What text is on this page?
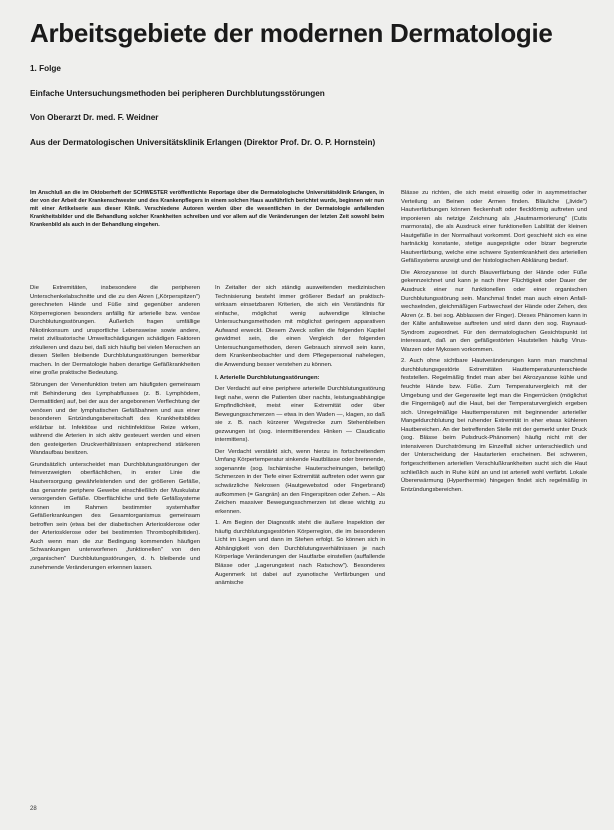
Arbeitsgebiete der modernen Dermatologie
1. Folge
Einfache Untersuchungsmethoden bei peripheren Durchblutungsstörungen
Von Oberarzt Dr. med. F. Weidner
Aus der Dermatologischen Universitätsklinik Erlangen (Direktor Prof. Dr. O. P. Hornstein)

Im Anschluß an die im Oktoberheft der SCHWESTER veröffentlichte Reportage über die Dermatologische Universitätsklinik Erlangen, in der von der Arbeit der Krankenschwester und des Krankenpflegers in einem solchen Haus ausführlich berichtet wurde, beginnen wir nun mit einer Artikelserie aus dieser Klinik. Verschiedene Autoren werden über die wesentlichen in der Dermatologie anfallenden Krankheitsbilder und die Behandlung solcher Krankheiten schreiben und vor allem auf die Veränderungen der letzten Zeit sowohl beim Krankenbild als auch in der Behandlung eingehen.

Die Extremitäten, insbesondere die peripheren Unterschenkelabschnitte und die zu den Akren („Körperspitzen") gerechneten Hände und Füße sind gegenüber anderen Körperregionen besonders anfällig für arterielle bzw. venöse Durchblutungsstörungen. Äußerlich fragen umfällige Nikotinkonsum und unsportliche Lebensweise sowie andere, meist zivilisatorische Umweltschädigungen schädigen Faktoren zirkulieren und dazu bei, daß sich häufig bei vielen Menschen an diesen Stellen bleibende Durchblutungsstörungen bemerkbar machen. In der Dermatologie haben derartige Gefäßkrankheiten eine große praktische Bedeutung.

Störungen der Venenfunktion treten am häufigsten gemeinsam mit Behinderung des Lymphabflusses (z. B. Lymphödem, Dermatitiden) auf, bei der aus der angeborenen Verflechtung der venösen und der lymphatischen Gefäßbahnen und aus einer besonderen Entzündungsbereitschaft des Krankheitsbildes erklärbar ist. Infektiöse und nichtinfektiöse Reize wirken, während die Arterien in sich aktiv gesteuert werden und einen den gesteigerten Druckverhältnissen entsprechend stärkeren Wandaufbau besitzen.

Grundsätzlich unterscheidet man Durchblutungsstörungen der feinverzweigten oberflächlichen, in erster Linie die Hautversorgung gewährleistenden und der größeren Gefäße, das genannte periphere Gewebe einschließlich der Muskulatur versorgenden Gefäße. Oberflächliche und tiefe Gefäßsysteme können im Rahmen bestimmter systemhafter Gefäßerkrankungen des Gesamtorganismus gemeinsam betroffen sein (etwa bei der diabetischen Arteriosklerose oder der Arteriosklerose oder bei bestimmten Thrombophilbitiden). Auch wenn man die zur Bedingung kommenden häufigen Schwankungen unterworfenen „funktionellen" von den „organischen" Durchblutungsstörungen, d. h. bleibende und zunehmende Veränderungen erkennen lassen.

In Zeitalter der sich ständig ausweitenden medizinischen Technisierung besteht immer größerer Bedarf an praktisch-wirksam einsetzbaren Kriterien, die sich ein Verständnis für einfache, möglichst wenig aufwendige klinische Untersuchungsmethoden mit möglichst geringem apparativen Aufwand erweckt. Diesem Zweck sollen die folgenden Kapitel gewidmet sein, die einen Vergleich der folgenden Untersuchungsmethoden, deren Gebrauch sinnvoll sein kann, dem Krankenbeobachter und dem Pflegepersonal nahelegen, die Anwendung besser verstehen zu können.

I. Arterielle Durchblutungsstörungen:

Der Verdacht auf eine periphere arterielle Durchblutungsstörung liegt nahe, wenn die Patienten über nachts, leistungsabhängige Empfindlichkeit, meist einer Extremität oder über Bewegungsschmerzen — etwa in den Waden —, klagen, so daß sie z. B. nach kürzerer Wegstrecke zum Stehenbleiben gezwungen ist (sog. intermittierendes Hinken — Claudicatio intermittens).

Der Verdacht verstärkt sich, wenn hierzu in fortschreitendem Umfang Körpertemperatur sinkende Hautblässe oder brennende, sogenannte (sog. Ischämische Hauterscheinungen, beteiligt) Schmerzen in der Tiefe einer Extremität auftreten oder wenn gar schwärzliche Nekrosen (Hautgewebstod oder Fingerbrand) aufkommen (= Gangrän) an den Fingerspitzen oder Zehen. – Als Zeichen massiver Bewegungsschmerzen ist diese wichtig zu erkennen.

1. Am Beginn der Diagnostik steht die äußere Inspektion der häufig durchblutungsgestörten Körperregion, die im besonderen Licht im Liegen und dann im Stehen erfolgt. So können sich in Abhängigkeit von den Durchblutungsverhältnissen je nach Körperlage Veränderungen der Hautfarbe einstellen (auffallende Blässe oder „Lagerungstest nach Ratschow"). Besonderes Augenmerk ist dabei auf zyanotische Verfärbungen und anämische

Blässe zu richten, die sich meist einseitig oder in asymmetrischer Verteilung an Beinen oder Armen finden. Bläuliche („livide") Hautverfärbungen können fleckenhaft oder fleckförmig auftreten und imponieren als netzige Zeichnung als „Hautmarmorierung" (Cutis marmorata), die als Ausdruck einer funktionellen Labilität der kleinen Hautgefäße in der Normalhaut vorkommt. Dort geschieht sich es eine hartnäckig konstante, stetige ausgeprägte oder bizarr begrenzte Hautverfärbung, welche eine schwere Systemkrankheit des arteriellen Gefäßsystems anzeigt und der histologischen Abklärung bedarf.

Die Akrozyanose ist durch Blauverfärbung der Hände oder Füße gekennzeichnet und kann je nach ihrer Flüchtigkeit oder Dauer der Ausdruck einer nur funktionellen oder einer organischen Durchblutungsstörung sein. Manchmal findet man auch einen Anfall-wechselnden, gleichmäßigen Farbwechsel der Hände oder Zehen, des Akren (z. B. bei sog. Abblassen der Finger). Dieses Phänomen kann in der Kälte anfallsweise auftreten und wird dann den sog. Raynaud-Syndrom zugeordnet. Für den dermatologischen Gesichtspunkt ist interessant, daß an den gefäßgestörten Hautstellen häufig Virus-Warzen oder Mykosen vorkommen.

2. Auch ohne sichtbare Hautveränderungen kann man manchmal durchblutungsgestörte Extremitäten Hauttemperaturunterschiede feststellen. Regelmäßig findet man aber bei Akrozyanose kühle und feuchte Hände bzw. Füße. Zum Temperaturvergleich mit der Umgebung und der Gegenseite legt man die Fingerrücken (möglichst die Fingernägel) auf die Haut, bei der Temperaturvergleich ergeben sich. Unregelmäßige Hauttemperaturen mit beginnender arterieller Mangeldurchblutung bei ruhender Extremität in eher etwas kühleren Hautbereichen. An der betreffenden Stelle mit der gemerkt unter Druck (sog. Blässe beim Pulsdruck-Phänomen) häufig nicht mit der intensiveren Durchströmung im Einzelfall sicher unterschiedlich und der Unterscheidung der Hautarterien erscheinen. Bei schweren, fortgeschrittenen arteriellen Verschlußkrankheiten sucht sich die Haut schließlich auch in Ruhe kühl an und ist arteriell wohl verfärbt. Lokale Übererwärmung (Hyperthermie) hingegen findet sich regelmäßig in Entzündungsbereichen.

28
